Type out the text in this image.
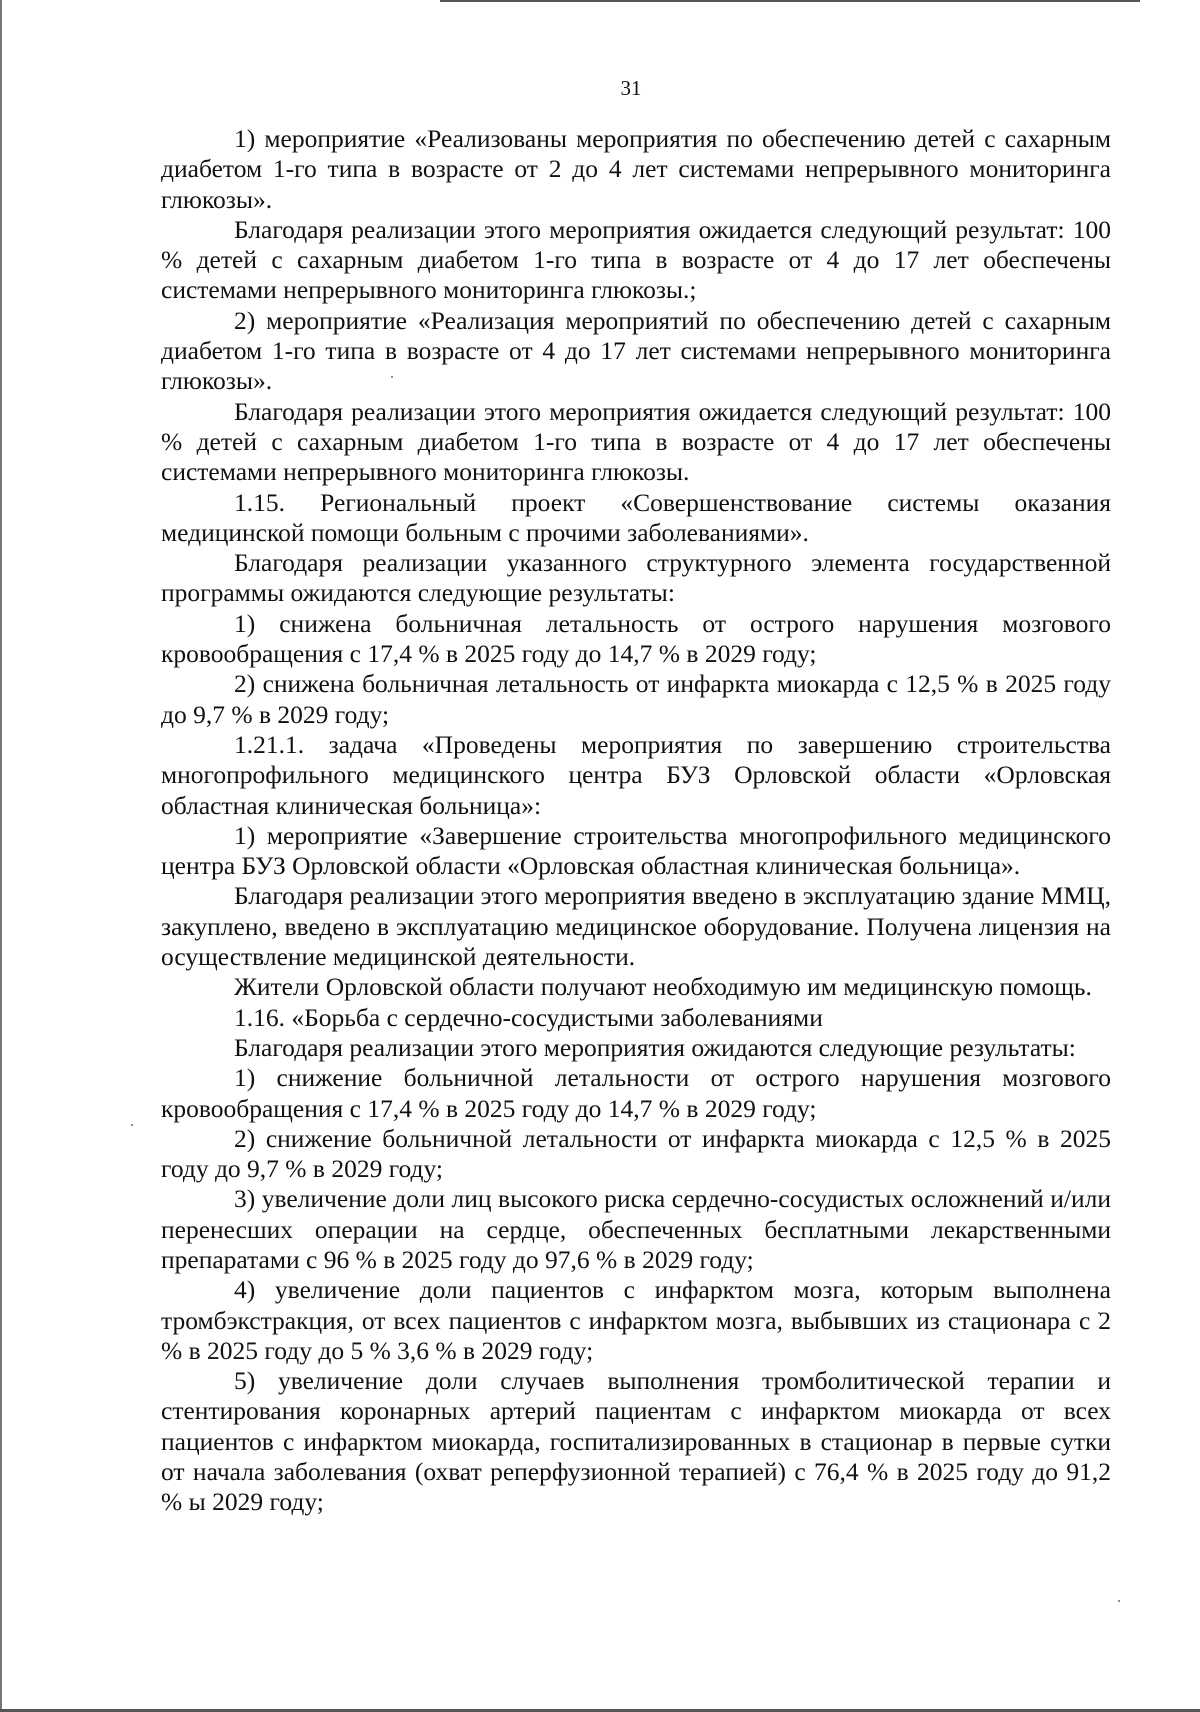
31

1) мероприятие «Реализованы мероприятия по обеспечению детей с сахарным диабетом 1-го типа в возрасте от 2 до 4 лет системами непрерывного мониторинга глюкозы».

Благодаря реализации этого мероприятия ожидается следующий результат: 100 % детей с сахарным диабетом 1-го типа в возрасте от 4 до 17 лет обеспечены системами непрерывного мониторинга глюкозы.;

2) мероприятие «Реализация мероприятий по обеспечению детей с сахарным диабетом 1-го типа в возрасте от 4 до 17 лет системами непрерывного мониторинга глюкозы».

Благодаря реализации этого мероприятия ожидается следующий результат: 100 % детей с сахарным диабетом 1-го типа в возрасте от 4 до 17 лет обеспечены системами непрерывного мониторинга глюкозы.

1.15. Региональный проект «Совершенствование системы оказания медицинской помощи больным с прочими заболеваниями».

Благодаря реализации указанного структурного элемента государственной программы ожидаются следующие результаты:

1) снижена больничная летальность от острого нарушения мозгового кровообращения с 17,4 % в 2025 году до 14,7 % в 2029 году;

2) снижена больничная летальность от инфаркта миокарда с 12,5 % в 2025 году до 9,7 % в 2029 году;

1.21.1. задача «Проведены мероприятия по завершению строительства многопрофильного медицинского центра БУЗ Орловской области «Орловская областная клиническая больница»:

1) мероприятие «Завершение строительства многопрофильного медицинского центра БУЗ Орловской области «Орловская областная клиническая больница».

Благодаря реализации этого мероприятия введено в эксплуатацию здание ММЦ, закуплено, введено в эксплуатацию медицинское оборудование. Получена лицензия на осуществление медицинской деятельности.

Жители Орловской области получают необходимую им медицинскую помощь.

1.16. «Борьба с сердечно-сосудистыми заболеваниями

Благодаря реализации этого мероприятия ожидаются следующие результаты:

1) снижение больничной летальности от острого нарушения мозгового кровообращения с 17,4 % в 2025 году до 14,7 % в 2029 году;

2) снижение больничной летальности от инфаркта миокарда с 12,5 % в 2025 году до 9,7 % в 2029 году;

3) увеличение доли лиц высокого риска сердечно-сосудистых осложнений и/или перенесших операции на сердце, обеспеченных бесплатными лекарственными препаратами с 96 % в 2025 году до 97,6 % в 2029 году;

4) увеличение доли пациентов с инфарктом мозга, которым выполнена тромбэкстракция, от всех пациентов с инфарктом мозга, выбывших из стационара с 2 % в 2025 году до 5 % 3,6 % в 2029 году;

5) увеличение доли случаев выполнения тромболитической терапии и стентирования коронарных артерий пациентам с инфарктом миокарда от всех пациентов с инфарктом миокарда, госпитализированных в стационар в первые сутки от начала заболевания (охват реперфузионной терапией) с 76,4 % в 2025 году до 91,2 % ы 2029 году;
